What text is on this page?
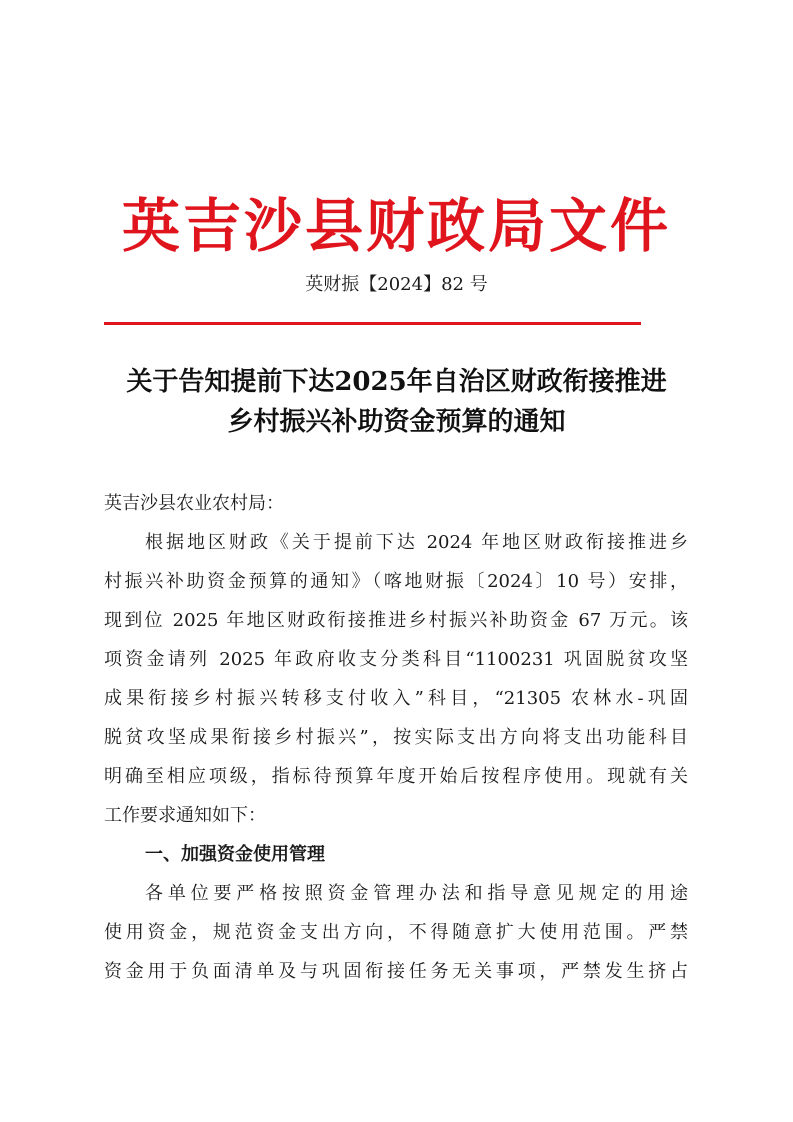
英吉沙县财政局文件
英财振【2024】82 号
关于告知提前下达2025年自治区财政衔接推进
乡村振兴补助资金预算的通知
英吉沙县农业农村局：
根据地区财政《关于提前下达 2024 年地区财政衔接推进乡
村振兴补助资金预算的通知》（喀地财振〔2024〕10 号）安排，
现到位 2025 年地区财政衔接推进乡村振兴补助资金 67 万元。该
项资金请列 2025 年政府收支分类科目“1100231 巩固脱贫攻坚
成果衔接乡村振兴转移支付收入”科目，“21305 农林水-巩固
脱贫攻坚成果衔接乡村振兴”，按实际支出方向将支出功能科目
明确至相应项级，指标待预算年度开始后按程序使用。现就有关
工作要求通知如下：
一、加强资金使用管理
各单位要严格按照资金管理办法和指导意见规定的用途
使用资金，规范资金支出方向，不得随意扩大使用范围。严禁
资金用于负面清单及与巩固衔接任务无关事项，严禁发生挤占
